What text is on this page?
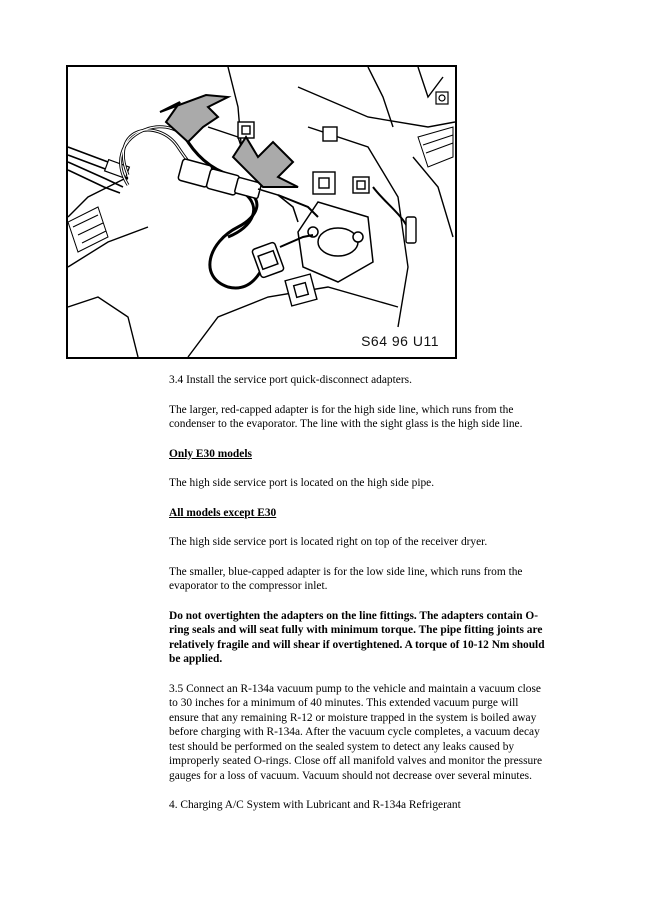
S64 96 U11

3.4 Install the service port quick-disconnect adapters.

The larger, red-capped adapter is for the high side line, which runs from the condenser to the evaporator. The line with the sight glass is the high side line.

Only E30 models

The high side service port is located on the high side pipe.

All models except E30

The high side service port is located right on top of the receiver dryer.

The smaller, blue-capped adapter is for the low side line, which runs from the evaporator to the compressor inlet.

Do not overtighten the adapters on the line fittings. The adapters contain O-ring seals and will seat fully with minimum torque. The pipe fitting joints are relatively fragile and will shear if overtightened. A torque of 10-12 Nm should be applied.

3.5 Connect an R-134a vacuum pump to the vehicle and maintain a vacuum close to 30 inches for a minimum of 40 minutes. This extended vacuum purge will ensure that any remaining R-12 or moisture trapped in the system is boiled away before charging with R-134a. After the vacuum cycle completes, a vacuum decay test should be performed on the sealed system to detect any leaks caused by improperly seated O-rings. Close off all manifold valves and monitor the pressure gauges for a loss of vacuum. Vacuum should not decrease over several minutes.

4. Charging A/C System with Lubricant and R-134a Refrigerant
